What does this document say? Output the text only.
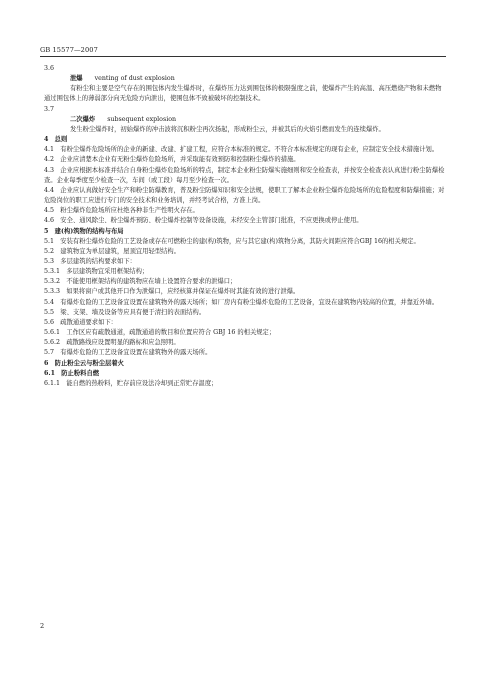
GB 15577—2007

3.6

泄爆 venting of dust explosion

有粉尘和主要是空气存在的围包体内发生爆炸时，在爆炸压力达到围包体的极限强度之前，使爆炸产生的高温、高压燃烧产物和未燃物通过围包体上的薄弱部分向无危险方向泄出，使围包体不致被破坏的控制技术。

3.7

二次爆炸 subsequent explosion

发生粉尘爆炸时，初始爆炸的冲击波将沉积粉尘再次扬起，形成粉尘云，并被其后的火焰引燃而发生的连续爆炸。

4　总则

4.1　有粉尘爆炸危险场所的企业的新建、改建、扩建工程，应符合本标准的规定。不符合本标准规定的现有企业，应制定安全技术措施计划。

4.2　企业应清楚本企业有无粉尘爆炸危险场所，并采取能有效预防和控制粉尘爆炸的措施。

4.3　企业应根据本标准并结合自身粉尘爆炸危险场所的特点，制定本企业粉尘防爆实施细则和安全检查表，并按安全检查表认真进行粉尘防爆检查。企业每季度至少检查一次，车间（或工段）每月至少检查一次。

4.4　企业应认真做好安全生产和粉尘防爆教育，普及粉尘防爆知识和安全法规，使职工了解本企业粉尘爆炸危险场所的危险程度和防爆措施；对危险岗位的职工应进行专门的安全技术和业务培训，并经考试合格，方准上岗。

4.5　粉尘爆炸危险场所应杜绝各种非生产性明火存在。

4.6　安全、通风除尘、粉尘爆炸预防、粉尘爆炸控制等设备设施，未经安全主管部门批准，不应更换或停止使用。

5　建(构)筑物的结构与布局

5.1　安装有粉尘爆炸危险的工艺设备或存在可燃粉尘的建(构)筑物，应与其它建(构)筑物分离，其防火间距应符合GBJ 16的相关规定。

5.2　建筑物宜为单层建筑，屋顶宜用轻型结构。

5.3　多层建筑的结构要求如下：

5.3.1　多层建筑物宜采用框架结构；

5.3.2　不能使用框架结构的建筑物应在墙上设置符合要求的泄爆口；

5.3.3　如果将窗户或其他开口作为泄爆口，应经核算并保证在爆炸时其能有效的进行泄爆。

5.4　有爆炸危险的工艺设备宜设置在建筑物外的露天场所；如厂房内有粉尘爆炸危险的工艺设备，宜设在建筑物内较高的位置，并靠近外墙。

5.5　梁、支架、墙及设备等应具有便于清扫的表面结构。

5.6　疏散通道要求如下：

5.6.1　工作区应有疏散通道，疏散通道的数目和位置应符合 GBJ 16 的相关规定；

5.6.2　疏散路线应设置明显的路标和应急照明。

5.7　有爆炸危险的工艺设备宜设置在建筑物外的露天场所。

6　防止粉尘云与粉尘层着火

6.1　防止粉料自燃

6.1.1　能自燃的热粉料，贮存前应设法冷却到正常贮存温度；

2
